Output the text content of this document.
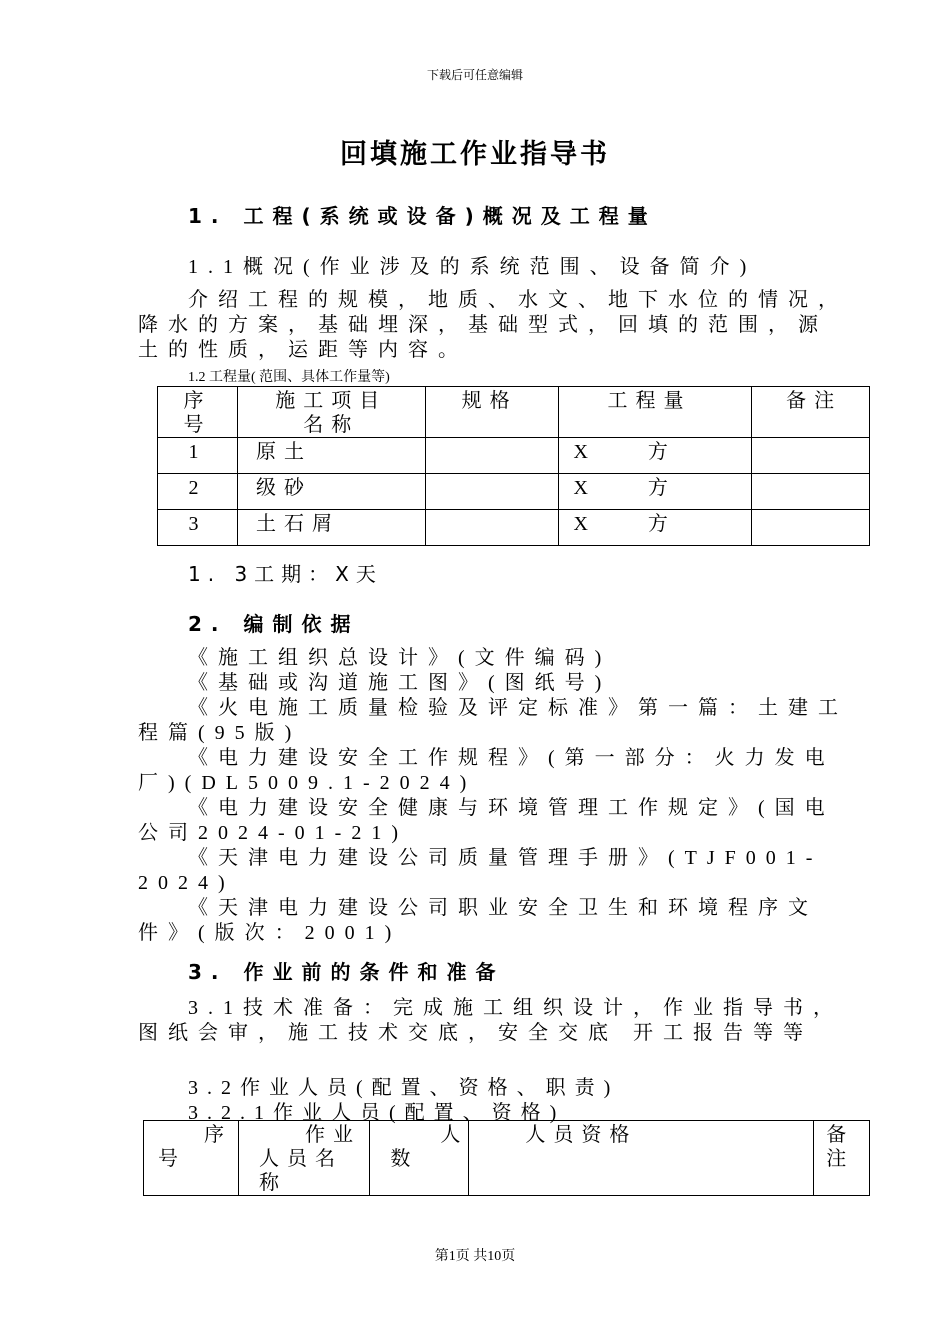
下载后可任意编辑
回填施工作业指导书
1. 工程(系统或设备)概况及工程量
1.1概况(作业涉及的系统范围、设备简介)
介绍工程的规模，地质、水文、地下水位的情况，降水的方案，基础埋深，基础型式，回填的范围，源土的性质，运距等内容。
1.2 工程量( 范围、具体工作量等)
序号	施工项目名称	规格	工程量	备注
1	原土		X 方	
2	级砂		X 方	
3	土石屑		X 方	
1. 3工期：X天
2. 编制依据
《施工组织总设计》(文件编码)
《基础或沟道施工图》(图纸号)
《火电施工质量检验及评定标准》第一篇：土建工程篇(95版)
《电力建设安全工作规程》(第一部分：火力发电厂)(DL5009.1-2024)
《电力建设安全健康与环境管理工作规定》(国电公司2024-01-21)
《天津电力建设公司质量管理手册》(TJF001-2024)
《天津电力建设公司职业安全卫生和环境程序文件》(版次：2001)
3. 作业前的条件和准备
3.1技术准备：完成施工组织设计，作业指导书，图纸会审，施工技术交底，安全交底 开工报告等等
3.2作业人员(配置、资格、职责)
3.2.1作业人员(配置、资格)
序号	作业人员名称	人数	人员资格	备注
第1页 共10页
